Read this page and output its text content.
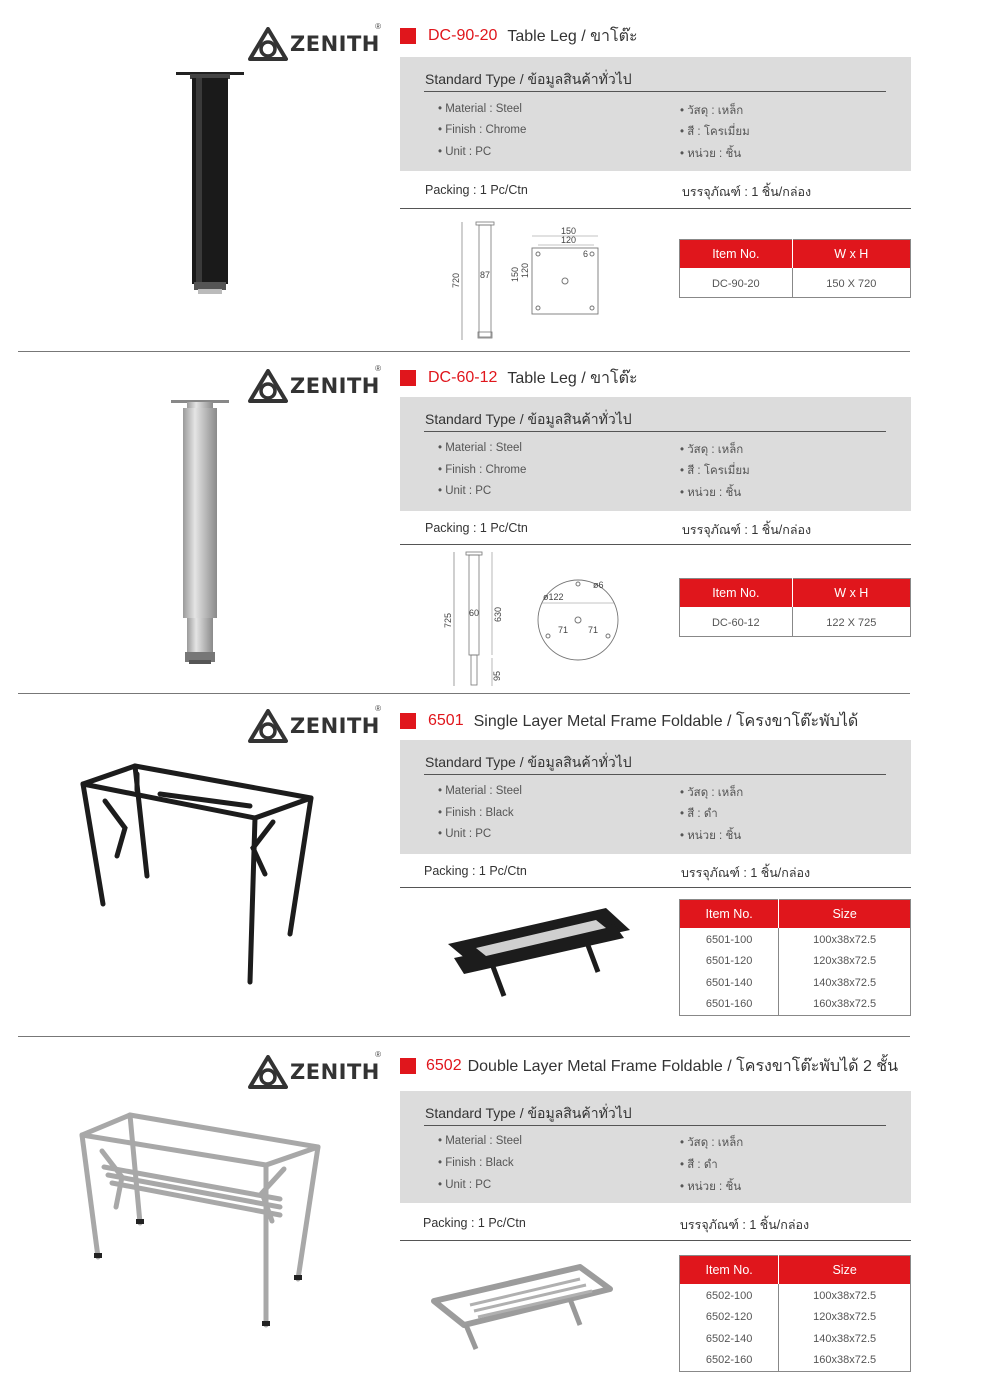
ZENITH
®
DC-90-20 Table Leg / ขาโต๊ะ
Standard Type / ข้อมูลสินค้าทั่วไป
• Material : Steel
• Finish : Chrome
• Unit : PC
• วัสดุ : เหล็ก
• สี : โครเมี่ยม
• หน่วย : ชิ้น
Packing : 1 Pc/Ctn	บรรจุภัณฑ์ : 1 ชิ้น/กล่อง
720 87
150
120
150 120
6	Item No.	W x H
DC-90-20	150 X 720
ZENITH
®
DC-60-12 Table Leg / ขาโต๊ะ
Standard Type / ข้อมูลสินค้าทั่วไป
• Material : Steel
• Finish : Chrome
• Unit : PC
• วัสดุ : เหล็ก
• สี : โครเมี่ยม
• หน่วย : ชิ้น
Packing : 1 Pc/Ctn	บรรจุภัณฑ์ : 1 ชิ้น/กล่อง
725 60 630
95
ø122
ø6
71 71
Item No.	W x H
DC-60-12	122 X 725
ZENITH
®
6501 Single Layer Metal Frame Foldable / โครงขาโต๊ะพับได้
Standard Type / ข้อมูลสินค้าทั่วไป
• Material : Steel
• Finish : Black
• Unit : PC
• วัสดุ : เหล็ก
• สี : ดำ
• หน่วย : ชิ้น
Packing : 1 Pc/Ctn	บรรจุภัณฑ์ : 1 ชิ้น/กล่อง
Item No.	Size
6501-100	100x38x72.5
6501-120	120x38x72.5
6501-140	140x38x72.5
6501-160	160x38x72.5
ZENITH
®
6502 Double Layer Metal Frame Foldable / โครงขาโต๊ะพับได้ 2 ชั้น
Standard Type / ข้อมูลสินค้าทั่วไป
• Material : Steel
• Finish : Black
• Unit : PC
• วัสดุ : เหล็ก
• สี : ดำ
• หน่วย : ชิ้น
Packing : 1 Pc/Ctn	บรรจุภัณฑ์ : 1 ชิ้น/กล่อง
Item No.	Size
6502-100	100x38x72.5
6502-120	120x38x72.5
6502-140	140x38x72.5
6502-160	160x38x72.5
